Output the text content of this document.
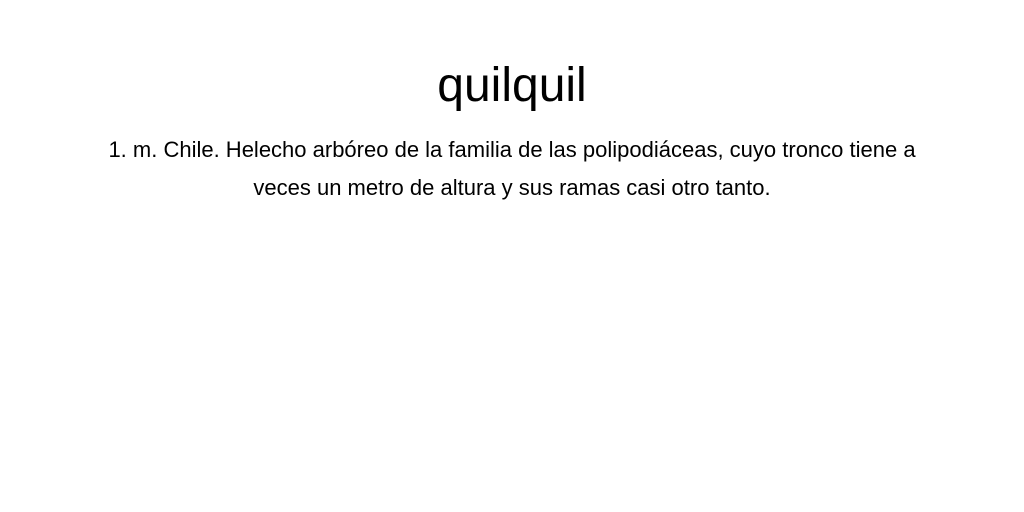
quilquil

1. m. Chile. Helecho arbóreo de la familia de las polipodiáceas, cuyo tronco tiene a veces un metro de altura y sus ramas casi otro tanto.
